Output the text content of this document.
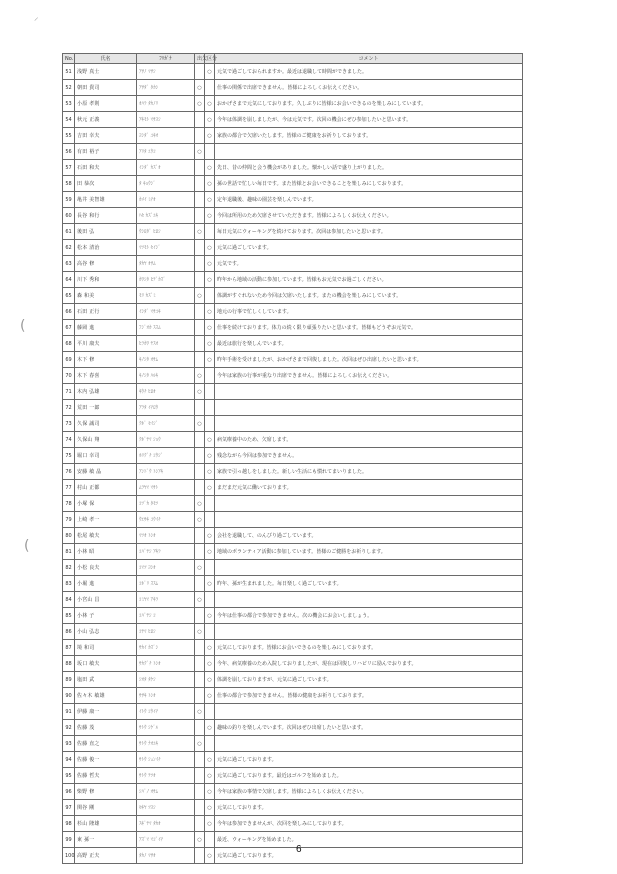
⸝
(
(
No.	氏名	ﾌﾘｶﾞﾅ	出欠	区分	コメント
51	浅野 真士	ｱｻﾉ ﾏｻｼ		○	元気で過ごしておられますか。最近は退職して時間ができました。
52	朝田 貴司	ｱｻﾀﾞ ﾀｶｼ	○		仕事の関係で出席できません。皆様によろしくお伝えください。
53	小原 孝則	ｵﾊﾗ ﾀｶﾉﾘ	○	○	おかげさまで元気にしております。久しぶりに皆様にお会いできるのを楽しみにしています。
54	秋元 正義	ｱｷﾓﾄ ﾏｻﾖｼ		○	今年は体調を崩しましたが、今は元気です。次回の機会にぜひ参加したいと思います。
55	吉田 幸夫	ﾖｼﾀﾞ ﾕｷｵ		○	家族の都合で欠席いたします。皆様のご健康をお祈りしております。
56	有田 裕子	ｱﾘﾀ ﾕｳｺ	○		
57	石田 和夫	ｲｼﾀﾞ ｶｽﾞｵ		○	先日、昔の仲間と会う機会がありました。懐かしい話で盛り上がりました。
58	田 恭次	ﾀ ｷｮｳｼﾞ		○	孫の世話で忙しい毎日です。また皆様とお会いできることを楽しみにしております。
59	亀井 美智雄	ｶﾒｲ ﾐﾁｵ		○	定年退職後、趣味の園芸を楽しんでいます。
60	長谷 和行	ﾊｾ ｶｽﾞﾕｷ		○	今回は所用のため欠席させていただきます。皆様によろしくお伝えください。
61	後田 弘	ｳｼﾛﾀﾞ ﾋﾛｼ	○		毎日元気にウォーキングを続けております。次回は参加したいと思います。
62	松本 清治	ﾏﾂﾓﾄ ｾｲｼﾞ		○	元気に過ごしています。
63	高谷 修	ﾀｶﾔ ｵｻﾑ		○	元気です。
64	川下 秀和	ｶﾜｼﾀ ﾋﾃﾞｶｽﾞ		○	昨年から地域の活動に参加しています。皆様もお元気でお過ごしください。
65	森 和美	ﾓﾘ ｶｽﾞﾐ	○		体調がすぐれないため今回は欠席いたします。またの機会を楽しみにしています。
66	石田 正行	ｲｼﾀﾞ ﾏｻﾕｷ		○	地元の行事で忙しくしています。
67	藤岡 進	ﾌｼﾞｵｶ ｽｽﾑ		○	仕事を続けております。体力の続く限り頑張りたいと思います。皆様もどうぞお元気で。
68	平川 康夫	ﾋﾗｶﾜ ﾔｽｵ		○	最近は旅行を楽しんでいます。
69	木下 修	ｷﾉｼﾀ ｵｻﾑ		○	昨年手術を受けましたが、おかげさまで回復しました。次回はぜひ出席したいと思います。
70	木下 春喜	ｷﾉｼﾀ ﾊﾙｷ	○		今年は家族の行事が重なり出席できません。皆様によろしくお伝えください。
71	木内 弘雄	ｷｳﾁ ﾋﾛｵ	○		
72	荒田 一郎	ｱﾗﾀ ｲﾁﾛｳ			
73	久保 誠司	ｸﾎﾞ ｾｲｼﾞ	○		
74	久保山 翔	ｸﾎﾞﾔﾏ ｼｮｳ		○	病気療養中のため、欠席します。
75	堀口 幸司	ﾎﾘｸﾞﾁ ｺｳｼﾞ		○	残念ながら今回は参加できません。
76	安藤 敏 晶	ｱﾝﾄﾞｳ ﾄｼｱｷ		○	家族で引っ越しをしました。新しい生活にも慣れてまいりました。
77	村山 正都	ﾑﾗﾔﾏ ﾏｻﾄ		○	まだまだ元気に働いております。
78	小塚 保	ｺﾂﾞｶ ﾀﾓﾂ	○		
79	上崎 孝一	ｳｴｻｷ ｺｳｲﾁ	○		
80	松尾 敏夫	ﾏﾂｵ ﾄｼｵ		○	会社を退職して、のんびり過ごしています。
81	小林 昭	ｺﾊﾞﾔｼ ｱｷﾗ		○	地域のボランティア活動に参加しています。皆様のご健勝をお祈りします。
82	小松 良夫	ｺﾏﾂ ﾖｼｵ	○		
83	小堀 進	ｺﾎﾞﾘ ｽｽﾑ		○	昨年、孫が生まれました。毎日楽しく過ごしています。
84	小宮山 昌	ｺﾐﾔﾏ ｱｷﾗ	○		
85	小林 子	ｺﾊﾞﾔｼ ｺ		○	今年は仕事の都合で参加できません。次の機会にお会いしましょう。
86	小山 弘志	ｺﾔﾏ ﾋﾛｼ	○		
87	境 和司	ｻｶｲ ｶｽﾞｼ		○	元気にしております。皆様にお会いできるのを楽しみにしております。
88	坂口 敏夫	ｻｶｸﾞﾁ ﾄｼｵ		○	今年、病気療養のため入院しておりましたが、現在は回復しリハビリに励んでおります。
89	塩田 武	ｼｵﾀ ﾀｹｼ		○	体調を崩しておりますが、元気に過ごしています。
90	佐々木 敏雄	ｻｻｷ ﾄｼｵ		○	仕事の都合で参加できません。皆様の健康をお祈りしております。
91	伊藤 康一	ｲﾄｳ ｺｳｲﾁ	○		
92	佐藤 茂	ｻﾄｳ ｼｹﾞﾙ		○	趣味の釣りを楽しんでいます。次回はぜひ出席したいと思います。
93	佐藤 直之	ｻﾄｳ ﾅｵﾕｷ	○		
94	佐藤 俊一	ｻﾄｳ ｼｭﾝｲﾁ		○	元気に過ごしております。
95	佐藤 哲夫	ｻﾄｳ ﾃﾂｵ		○	元気に過ごしております。最近はゴルフを始めました。
96	柴野 修	ｼﾊﾞﾉ ｵｻﾑ		○	今年は家族の事情で欠席します。皆様によろしくお伝えください。
97	関谷 剛	ｾｷﾔ ﾂﾖｼ		○	元気にしております。
98	杉山 隆雄	ｽｷﾞﾔﾏ ﾀｶｵ		○	今年は参加できませんが、次回を楽しみにしております。
99	東 孫一	ｱｽﾞﾏ ﾏｺﾞｲﾁ	○		最近、ウォーキングを始めました。
100	高野 正夫	ﾀｶﾉ ﾏｻｵ		○	元気に過ごしております。
6
